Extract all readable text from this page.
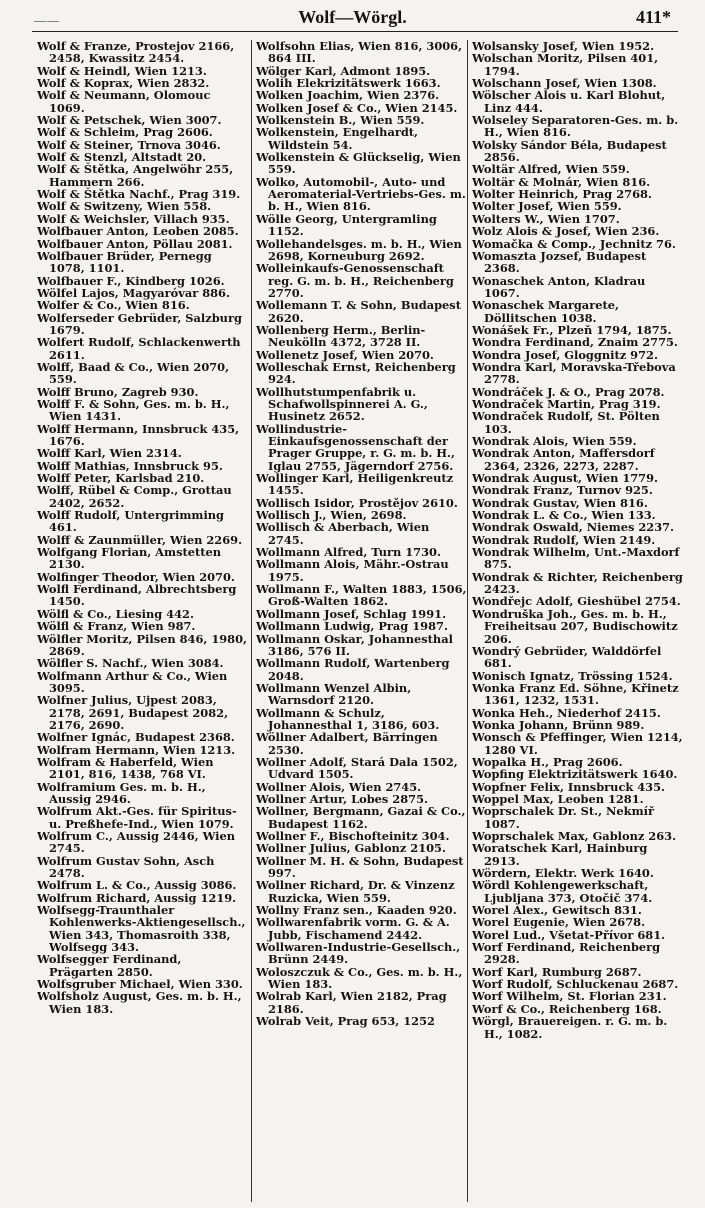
——	Wolf—Wörgl.	411*

Wolf & Franze, Prostejov 2166, 2458, Kwassitz 2454.

Wolf & Heindl, Wien 1213.

Wolf & Koprax, Wien 2832.

Wolf & Neumann, Olomouc 1069.

Wolf & Petschek, Wien 3007.

Wolf & Schleim, Prag 2606.

Wolf & Steiner, Trnova 3046.

Wolf & Stenzl, Altstadt 20.

Wolf & Štětka, Angelwöhr 255, Hammern 266.

Wolf & Štětka Nachf., Prag 319.

Wolf & Switzeny, Wien 558.

Wolf & Weichsler, Villach 935.

Wolfbauer Anton, Leoben 2085.

Wolfbauer Anton, Pöllau 2081.

Wolfbauer Brüder, Pernegg 1078, 1101.

Wolfbauer F., Kindberg 1026.

Wölfel Lajos, Magyaróvar 886.

Wolfer & Co., Wien 816.

Wolferseder Gebrüder, Salzburg 1679.

Wolfert Rudolf, Schlackenwerth 2611.

Wolff, Baad & Co., Wien 2070, 559.

Wolff Bruno, Zagreb 930.

Wolff F. & Sohn, Ges. m. b. H., Wien 1431.

Wolff Hermann, Innsbruck 435, 1676.

Wolff Karl, Wien 2314.

Wolff Mathias, Innsbruck 95.

Wolff Peter, Karlsbad 210.

Wolff, Rübel & Comp., Grottau 2402, 2652.

Wolff Rudolf, Untergrimming 461.

Wolff & Zaunmüller, Wien 2269.

Wolfgang Florian, Amstetten 2130.

Wolfinger Theodor, Wien 2070.

Wolfl Ferdinand, Albrechtsberg 1450.

Wölfl & Co., Liesing 442.

Wölfl & Franz, Wien 987.

Wölfler Moritz, Pilsen 846, 1980, 2869.

Wölfler S. Nachf., Wien 3084.

Wolfmann Arthur & Co., Wien 3095.

Wolfner Julius, Ujpest 2083, 2178, 2691, Budapest 2082, 2176, 2690.

Wolfner Ignác, Budapest 2368.

Wolfram Hermann, Wien 1213.

Wolfram & Haberfeld, Wien 2101, 816, 1438, 768 VI.

Wolframium Ges. m. b. H., Aussig 2946.

Wolfrum Akt.-Ges. für Spiritus- u. Preßhefe-Ind., Wien 1079.

Wolfrum C., Aussig 2446, Wien 2745.

Wolfrum Gustav Sohn, Asch 2478.

Wolfrum L. & Co., Aussig 3086.

Wolfrum Richard, Aussig 1219.

Wolfsegg-Traunthaler Kohlenwerks-Aktiengesellsch., Wien 343, Thomasroith 338, Wolfsegg 343.

Wolfsegger Ferdinand, Prägarten 2850.

Wolfsgruber Michael, Wien 330.

Wolfsholz August, Ges. m. b. H., Wien 183.

Wolfsohn Elias, Wien 816, 3006, 864 III.

Wölger Karl, Admont 1895.

Wolih Elekrizitätswerk 1663.

Wolken Joachim, Wien 2376.

Wolken Josef & Co., Wien 2145.

Wolkenstein B., Wien 559.

Wolkenstein, Engelhardt, Wildstein 54.

Wolkenstein & Glückselig, Wien 559.

Wolko, Automobil-, Auto- und Aeromaterial-Vertriebs-Ges. m. b. H., Wien 816.

Wölle Georg, Untergramling 1152.

Wollehandelsges. m. b. H., Wien 2698, Korneuburg 2692.

Wolleinkaufs-Genossenschaft reg. G. m. b. H., Reichenberg 2770.

Wollemann T. & Sohn, Budapest 2620.

Wollenberg Herm., Berlin-Neukölln 4372, 3728 II.

Wollenetz Josef, Wien 2070.

Wolleschak Ernst, Reichenberg 924.

Wollhutstumpenfabrik u. Schafwollspinnerei A. G., Husinetz 2652.

Wollindustrie-Einkaufsgenossenschaft der Prager Gruppe, r. G. m. b. H., Iglau 2755, Jägerndorf 2756.

Wollinger Karl, Heiligenkreutz 1455.

Wollisch Isidor, Prostějov 2610.

Wollisch J., Wien, 2698.

Wollisch & Aberbach, Wien 2745.

Wollmann Alfred, Turn 1730.

Wollmann Alois, Mähr.-Ostrau 1975.

Wollmann F., Walten 1883, 1506, Groß-Walten 1862.

Wollmann Josef, Schlag 1991.

Wollmann Ludwig, Prag 1987.

Wollmann Oskar, Johannesthal 3186, 576 II.

Wollmann Rudolf, Wartenberg 2048.

Wollmann Wenzel Albin, Warnsdorf 2120.

Wollmann & Schulz, Johannesthal 1, 3186, 603.

Wöllner Adalbert, Bärringen 2530.

Wollner Adolf, Stará Dala 1502, Udvard 1505.

Wollner Alois, Wien 2745.

Wollner Artur, Lobes 2875.

Wollner, Bergmann, Gazai & Co., Budapest 1162.

Wollner F., Bischofteinitz 304.

Wollner Julius, Gablonz 2105.

Wollner M. H. & Sohn, Budapest 997.

Wollner Richard, Dr. & Vinzenz Ruzicka, Wien 559.

Wollny Franz sen., Kaaden 920.

Wollwarenfabrik vorm. G. & A. Jubb, Fischamend 2442.

Wollwaren-Industrie-Gesellsch., Brünn 2449.

Woloszczuk & Co., Ges. m. b. H., Wien 183.

Wolrab Karl, Wien 2182, Prag 2186.

Wolrab Veit, Prag 653, 1252

Wolsansky Josef, Wien 1952.

Wolschan Moritz, Pilsen 401, 1794.

Wolschann Josef, Wien 1308.

Wölscher Alois u. Karl Blohut, Linz 444.

Wolseley Separatoren-Ges. m. b. H., Wien 816.

Wolsky Sándor Béla, Budapest 2856.

Woltär Alfred, Wien 559.

Woltär & Molnár, Wien 816.

Wolter Heinrich, Prag 2768.

Wolter Josef, Wien 559.

Wolters W., Wien 1707.

Wolz Alois & Josef, Wien 236.

Womačka & Comp., Jechnitz 76.

Womaszta Jozsef, Budapest 2368.

Wonaschek Anton, Kladrau 1067.

Wonaschek Margarete, Döllitschen 1038.

Wonášek Fr., Plzeň 1794, 1875.

Wondra Ferdinand, Znaim 2775.

Wondra Josef, Gloggnitz 972.

Wondra Karl, Moravska-Třebova 2778.

Wondráček J. & O., Prag 2078.

Wondraček Martin, Prag 319.

Wondraček Rudolf, St. Pölten 103.

Wondrak Alois, Wien 559.

Wondrak Anton, Maffersdorf 2364, 2326, 2273, 2287.

Wondrak August, Wien 1779.

Wondrak Franz, Turnov 925.

Wondrak Gustav, Wien 816.

Wondrak L. & Co., Wien 133.

Wondrak Oswald, Niemes 2237.

Wondrak Rudolf, Wien 2149.

Wondrak Wilhelm, Unt.-Maxdorf 875.

Wondrak & Richter, Reichenberg 2423.

Wondřejc Adolf, Gieshübel 2754.

Wondruška Joh., Ges. m. b. H., Freiheitsau 207, Budischowitz 206.

Wondrý Gebrüder, Walddörfel 681.

Wonisch Ignatz, Trössing 1524.

Wonka Franz Ed. Söhne, Křinetz 1361, 1232, 1531.

Wonka Heh., Niederhof 2415.

Wonka Johann, Brünn 989.

Wonsch & Pfeffinger, Wien 1214, 1280 VI.

Wopalka H., Prag 2606.

Wopfing Elektrizitätswerk 1640.

Wopfner Felix, Innsbruck 435.

Woppel Max, Leoben 1281.

Woprschalek Dr. St., Nekmíř 1087.

Woprschalek Max, Gablonz 263.

Woratschek Karl, Hainburg 2913.

Wördern, Elektr. Werk 1640.

Wördl Kohlengewerkschaft, Ljubljana 373, Otočič 374.

Worel Alex., Gewitsch 831.

Worel Eugenie, Wien 2678.

Worel Lud., Všetat-Přívor 681.

Worf Ferdinand, Reichenberg 2928.

Worf Karl, Rumburg 2687.

Worf Rudolf, Schluckenau 2687.

Worf Wilhelm, St. Florian 231.

Worf & Co., Reichenberg 168.

Wörgl, Brauereigen. r. G. m. b. H., 1082.
